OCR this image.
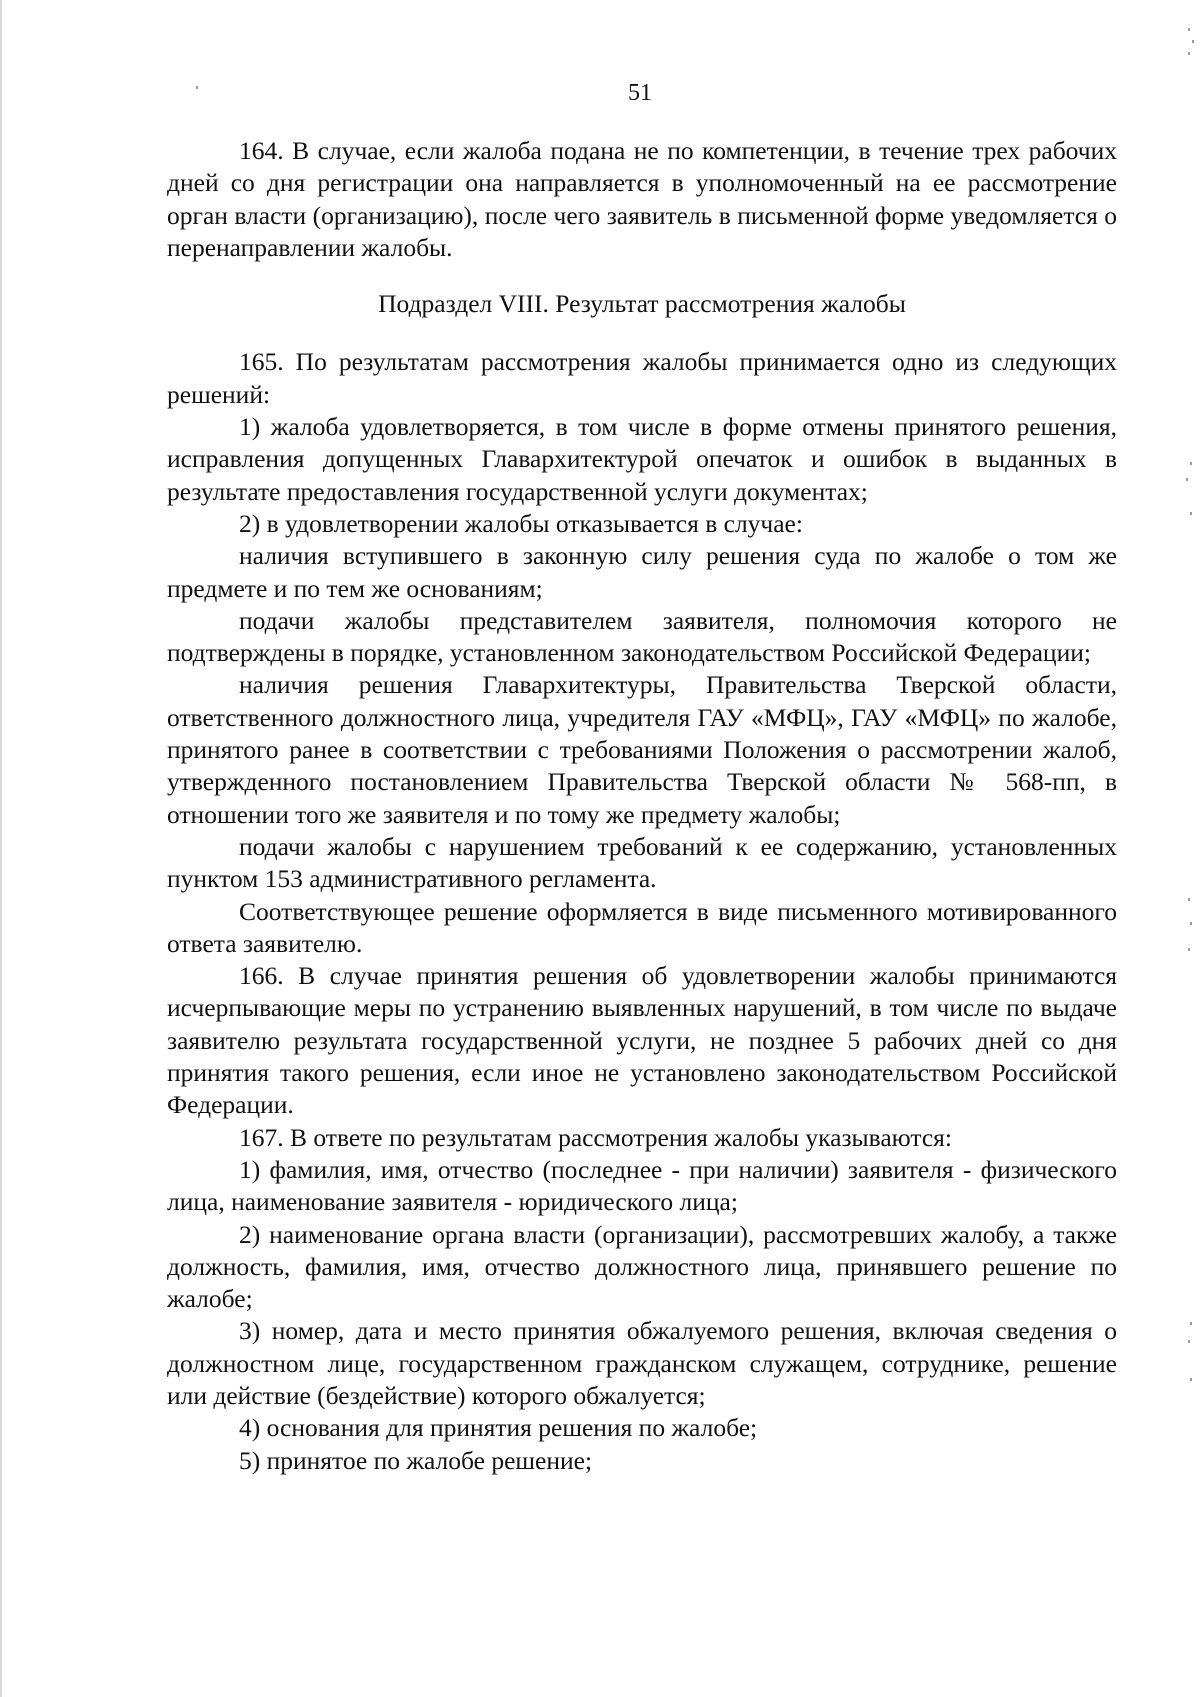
51

164. В случае, если жалоба подана не по компетенции, в течение трех рабочих дней со дня регистрации она направляется в уполномоченный на ее рассмотрение орган власти (организацию), после чего заявитель в письменной форме уведомляется о перенаправлении жалобы.

Подраздел VIII. Результат рассмотрения жалобы

165. По результатам рассмотрения жалобы принимается одно из следующих решений:

1) жалоба удовлетворяется, в том числе в форме отмены принятого решения, исправления допущенных Главархитектурой опечаток и ошибок в выданных в результате предоставления государственной услуги документах;

2) в удовлетворении жалобы отказывается в случае:

наличия вступившего в законную силу решения суда по жалобе о том же предмете и по тем же основаниям;

подачи жалобы представителем заявителя, полномочия которого не подтверждены в порядке, установленном законодательством Российской Федерации;

наличия решения Главархитектуры, Правительства Тверской области, ответственного должностного лица, учредителя ГАУ «МФЦ», ГАУ «МФЦ» по жалобе, принятого ранее в соответствии с требованиями Положения о рассмотрении жалоб, утвержденного постановлением Правительства Тверской области № 568-пп, в отношении того же заявителя и по тому же предмету жалобы;

подачи жалобы с нарушением требований к ее содержанию, установленных пунктом 153 административного регламента.

Соответствующее решение оформляется в виде письменного мотивированного ответа заявителю.

166. В случае принятия решения об удовлетворении жалобы принимаются исчерпывающие меры по устранению выявленных нарушений, в том числе по выдаче заявителю результата государственной услуги, не позднее 5 рабочих дней со дня принятия такого решения, если иное не установлено законодательством Российской Федерации.

167. В ответе по результатам рассмотрения жалобы указываются:

1) фамилия, имя, отчество (последнее - при наличии) заявителя - физического лица, наименование заявителя - юридического лица;

2) наименование органа власти (организации), рассмотревших жалобу, а также должность, фамилия, имя, отчество должностного лица, принявшего решение по жалобе;

3) номер, дата и место принятия обжалуемого решения, включая сведения о должностном лице, государственном гражданском служащем, сотруднике, решение или действие (бездействие) которого обжалуется;

4) основания для принятия решения по жалобе;

5) принятое по жалобе решение;
